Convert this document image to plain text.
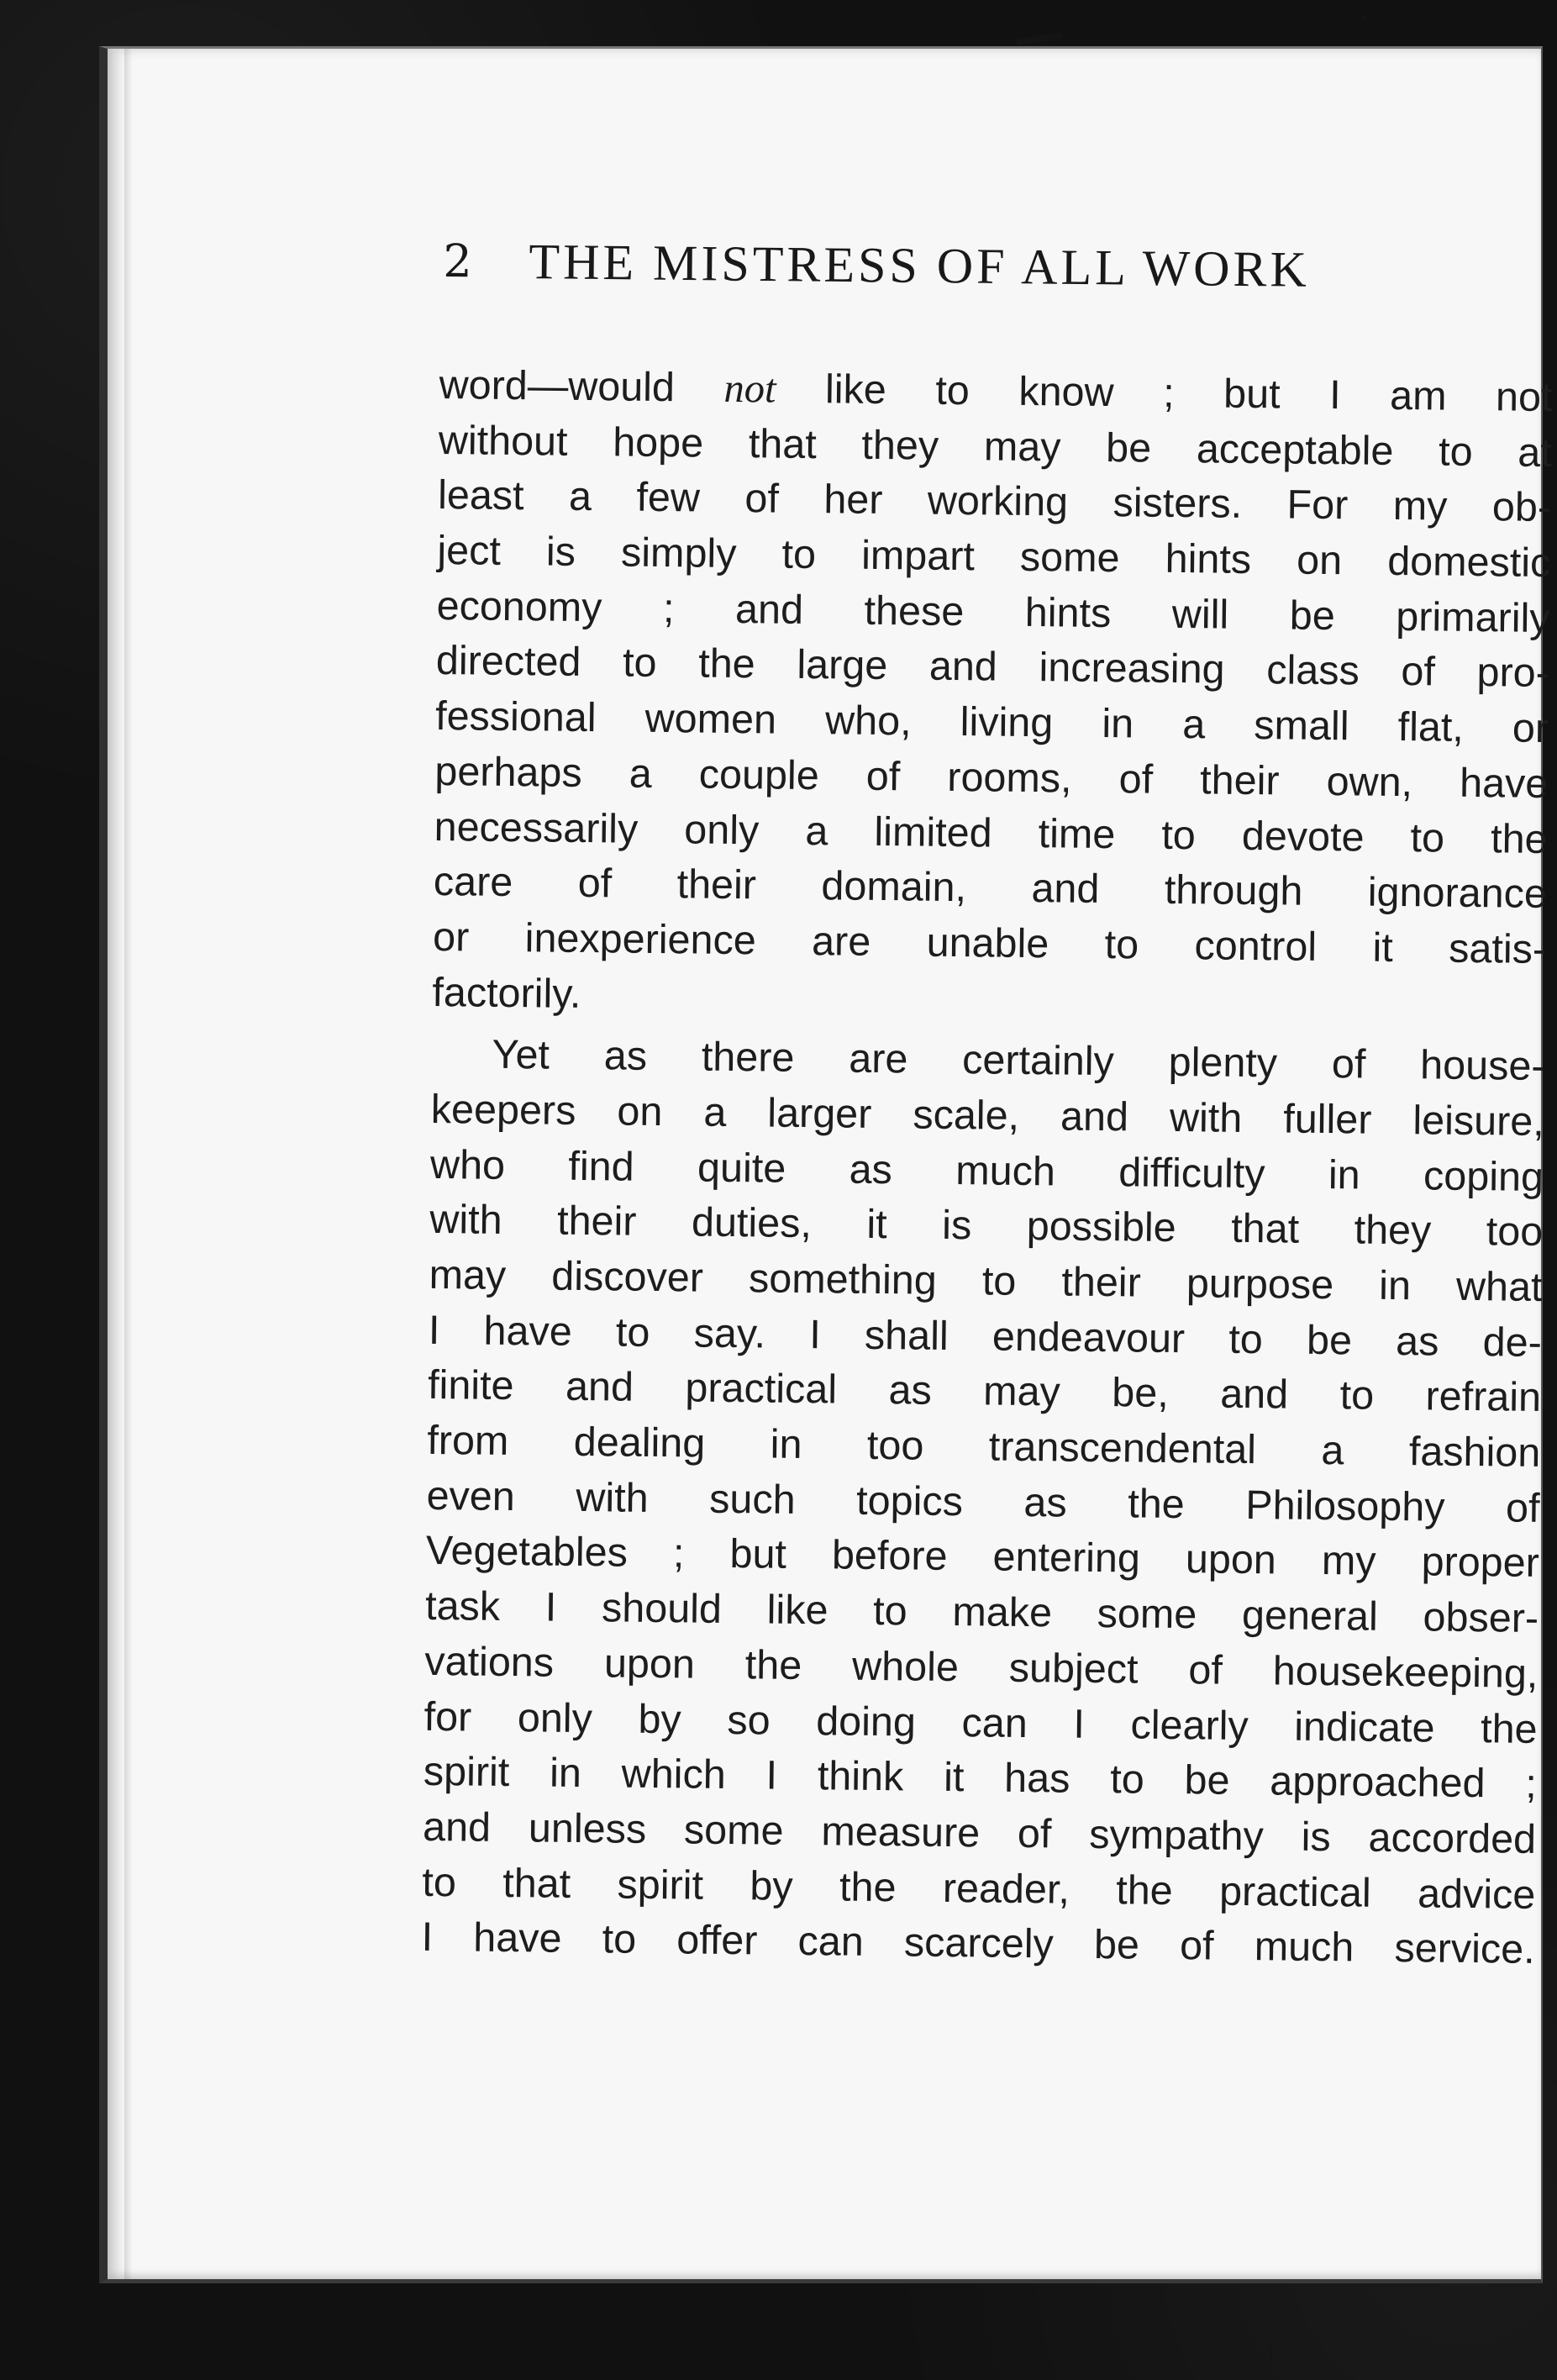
2 THE MISTRESS OF ALL WORK
word—would not like to know ; but I am not
without hope that they may be acceptable to at
least a few of her working sisters. For my ob-
ject is simply to impart some hints on domestic
economy ; and these hints will be primarily
directed to the large and increasing class of pro-
fessional women who, living in a small flat, or
perhaps a couple of rooms, of their own, have
necessarily only a limited time to devote to the
care of their domain, and through ignorance
or inexperience are unable to control it satis-
factorily.
Yet as there are certainly plenty of house-
keepers on a larger scale, and with fuller leisure,
who find quite as much difficulty in coping
with their duties, it is possible that they too
may discover something to their purpose in what
I have to say. I shall endeavour to be as de-
finite and practical as may be, and to refrain
from dealing in too transcendental a fashion
even with such topics as the Philosophy of
Vegetables ; but before entering upon my proper
task I should like to make some general obser-
vations upon the whole subject of housekeeping,
for only by so doing can I clearly indicate the
spirit in which I think it has to be approached ;
and unless some measure of sympathy is accorded
to that spirit by the reader, the practical advice
I have to offer can scarcely be of much service.
